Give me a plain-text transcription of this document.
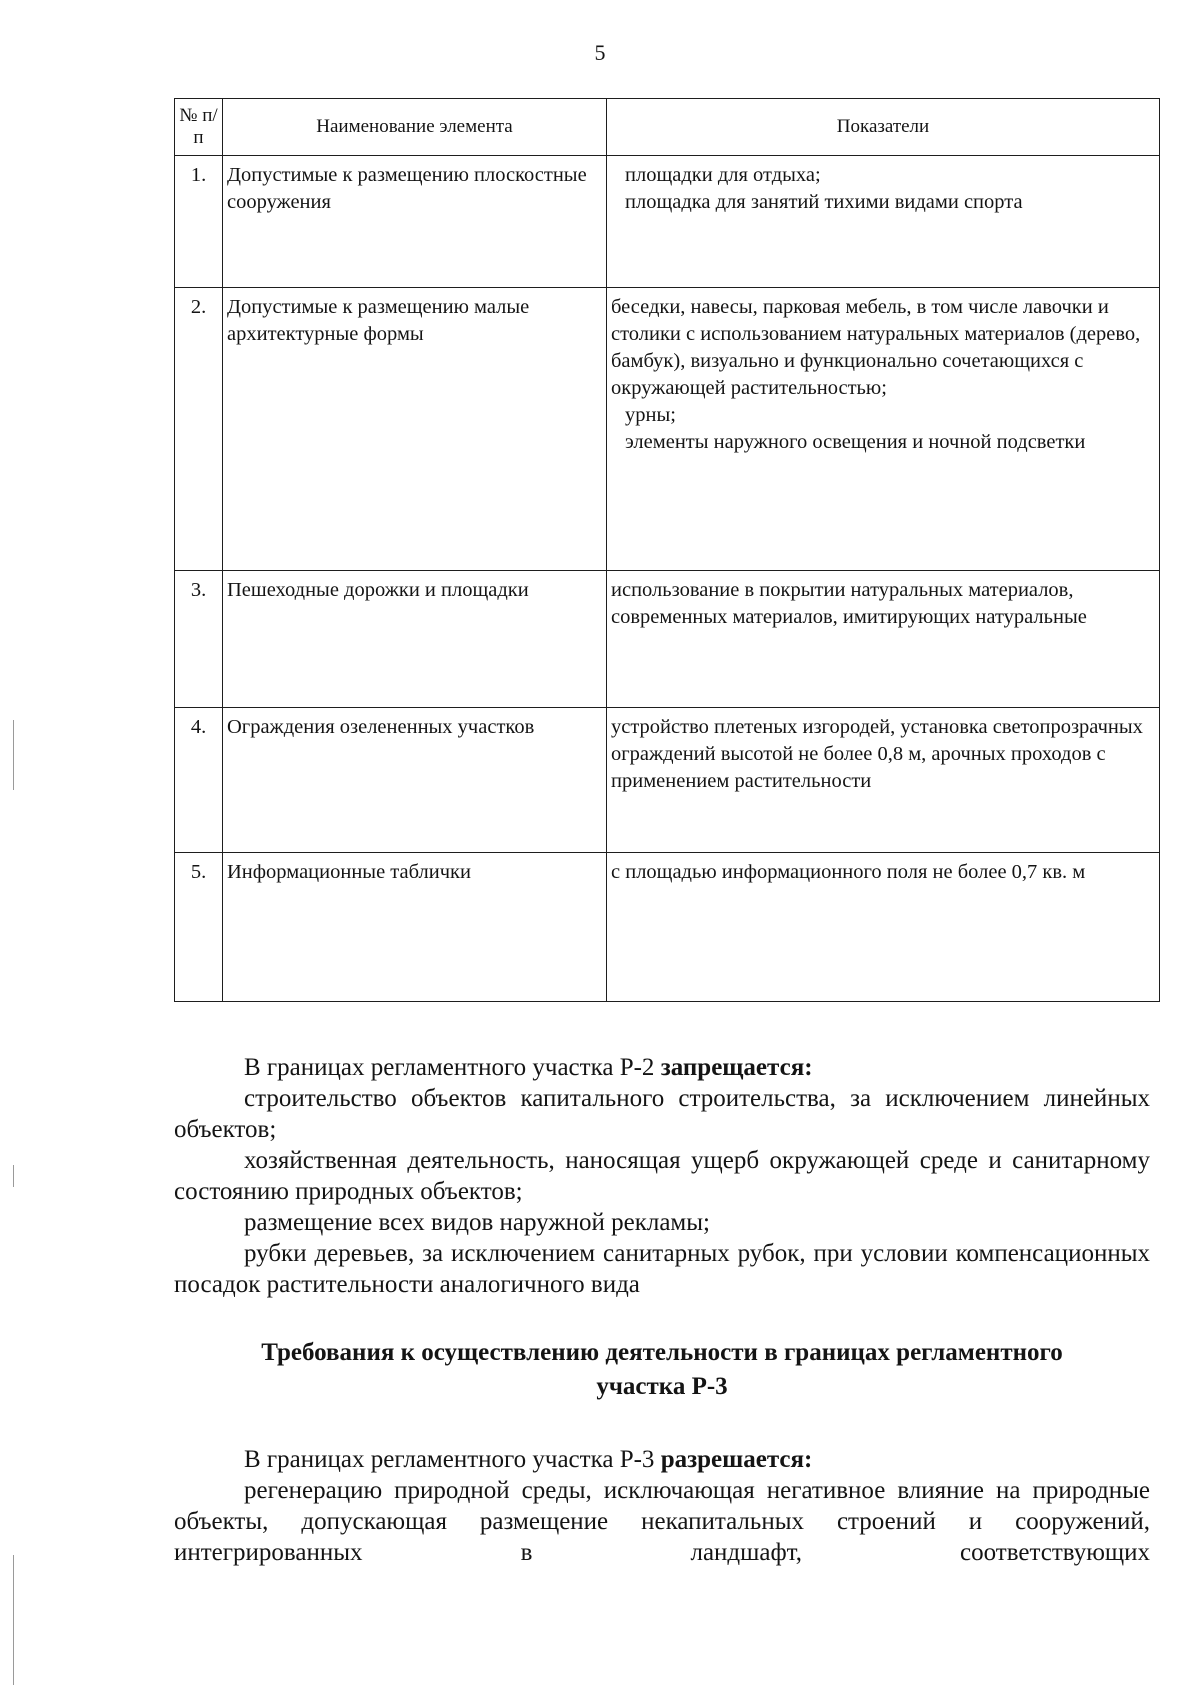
5
№ п/п	Наименование элемента	Показатели
1.	Допустимые к размещению плоскостные сооружения	площадки для отдыха;

площадка для занятий тихими видами спорта

2.	Допустимые к размещению малые архитектурные формы	беседки, навесы, парковая мебель, в том числе лавочки и столики с использованием натуральных материалов (дерево, бамбук), визуально и функционально сочетающихся с окружающей растительностью;

урны;

элементы наружного освещения и ночной подсветки

3.	Пешеходные дорожки и площадки	использование в покрытии натуральных материалов, современных материалов, имитирующих натуральные

4.	Ограждения озелененных участков	устройство плетеных изгородей, установка светопрозрачных ограждений высотой не более 0,8 м, арочных проходов с применением растительности

5.	Информационные таблички	с площадью информационного поля не более 0,7 кв. м

В границах регламентного участка Р-2 запрещается:

строительство объектов капитального строительства, за исключением линейных объектов;

хозяйственная деятельность, наносящая ущерб окружающей среде и санитарному состоянию природных объектов;

размещение всех видов наружной рекламы;

рубки деревьев, за исключением санитарных рубок, при условии компенсационных посадок растительности аналогичного вида

Требования к осуществлению деятельности в границах регламентного участка Р-3

В границах регламентного участка Р-3 разрешается:

регенерацию природной среды, исключающая негативное влияние на природные объекты, допускающая размещение некапитальных строений и сооружений, интегрированных в ландшафт, соответствующих
